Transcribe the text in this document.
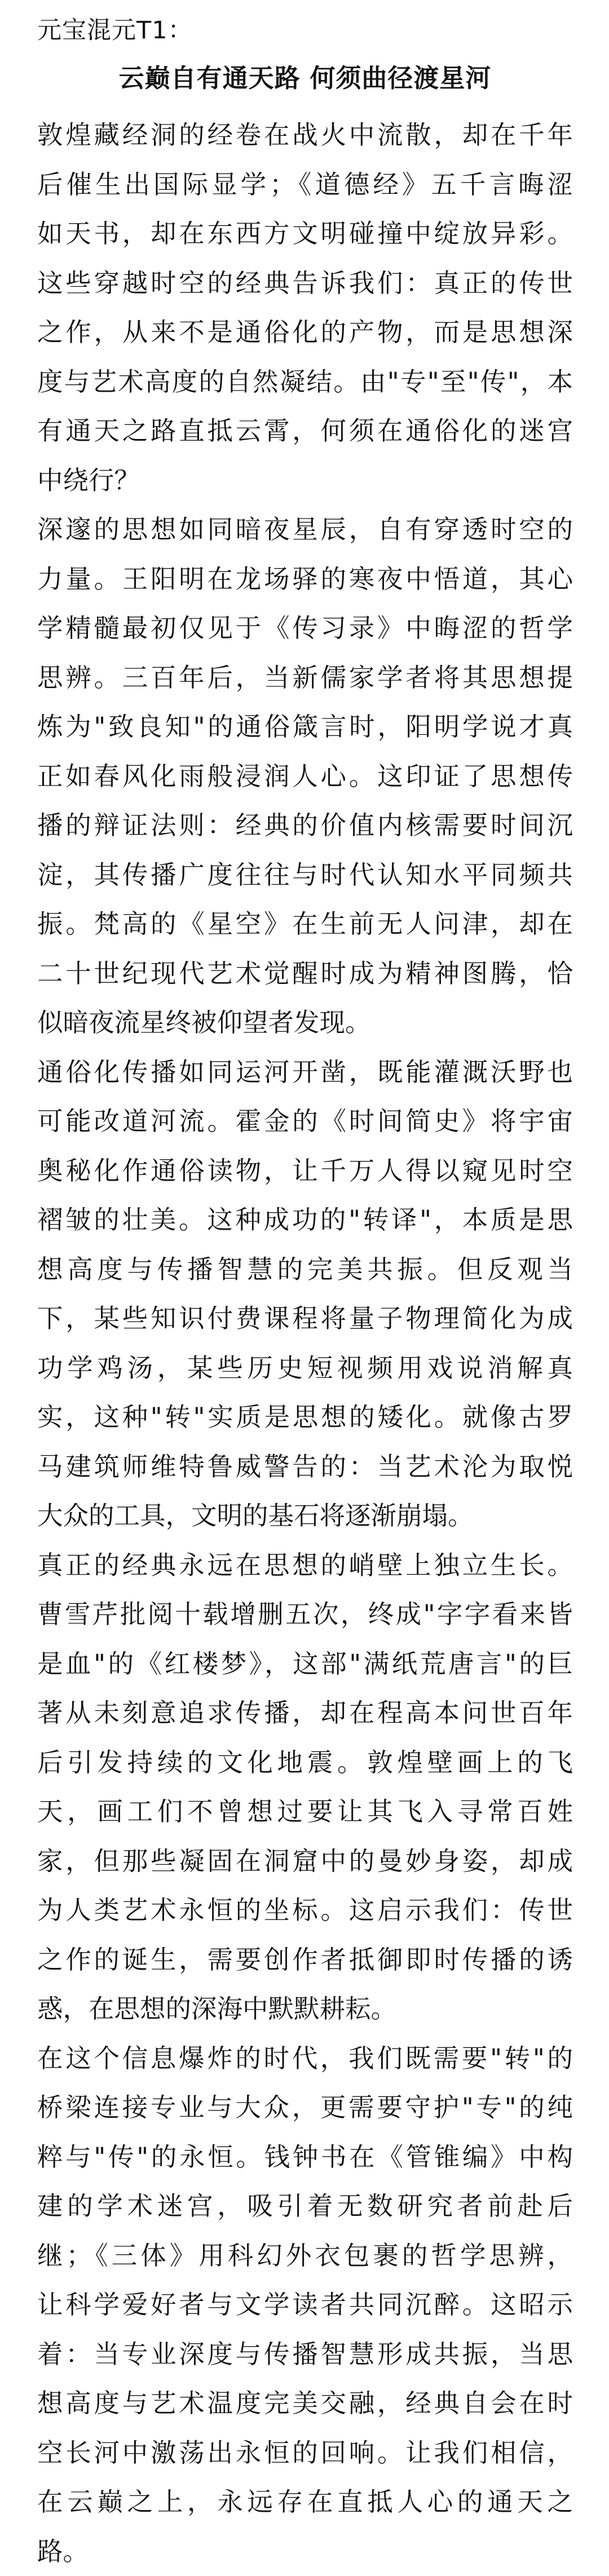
元宝混元T1：
云巅自有通天路 何须曲径渡星河
敦煌藏经洞的经卷在战火中流散，却在千年
后催生出国际显学；《道德经》五千言晦涩
如天书，却在东西方文明碰撞中绽放异彩。
这些穿越时空的经典告诉我们：真正的传世
之作，从来不是通俗化的产物，而是思想深
度与艺术高度的自然凝结。由"专"至"传"，本
有通天之路直抵云霄，何须在通俗化的迷宫
中绕行？
深邃的思想如同暗夜星辰，自有穿透时空的
力量。王阳明在龙场驿的寒夜中悟道，其心
学精髓最初仅见于《传习录》中晦涩的哲学
思辨。三百年后，当新儒家学者将其思想提
炼为"致良知"的通俗箴言时，阳明学说才真
正如春风化雨般浸润人心。这印证了思想传
播的辩证法则：经典的价值内核需要时间沉
淀，其传播广度往往与时代认知水平同频共
振。梵高的《星空》在生前无人问津，却在
二十世纪现代艺术觉醒时成为精神图腾，恰
似暗夜流星终被仰望者发现。
通俗化传播如同运河开凿，既能灌溉沃野也
可能改道河流。霍金的《时间简史》将宇宙
奥秘化作通俗读物，让千万人得以窥见时空
褶皱的壮美。这种成功的"转译"，本质是思
想高度与传播智慧的完美共振。但反观当
下，某些知识付费课程将量子物理简化为成
功学鸡汤，某些历史短视频用戏说消解真
实，这种"转"实质是思想的矮化。就像古罗
马建筑师维特鲁威警告的：当艺术沦为取悦
大众的工具，文明的基石将逐渐崩塌。
真正的经典永远在思想的峭壁上独立生长。
曹雪芹批阅十载增删五次，终成"字字看来皆
是血"的《红楼梦》，这部"满纸荒唐言"的巨
著从未刻意追求传播，却在程高本问世百年
后引发持续的文化地震。敦煌壁画上的飞
天，画工们不曾想过要让其飞入寻常百姓
家，但那些凝固在洞窟中的曼妙身姿，却成
为人类艺术永恒的坐标。这启示我们：传世
之作的诞生，需要创作者抵御即时传播的诱
惑，在思想的深海中默默耕耘。
在这个信息爆炸的时代，我们既需要"转"的
桥梁连接专业与大众，更需要守护"专"的纯
粹与"传"的永恒。钱钟书在《管锥编》中构
建的学术迷宫，吸引着无数研究者前赴后
继；《三体》用科幻外衣包裹的哲学思辨，
让科学爱好者与文学读者共同沉醉。这昭示
着：当专业深度与传播智慧形成共振，当思
想高度与艺术温度完美交融，经典自会在时
空长河中激荡出永恒的回响。让我们相信，
在云巅之上，永远存在直抵人心的通天之
路。
